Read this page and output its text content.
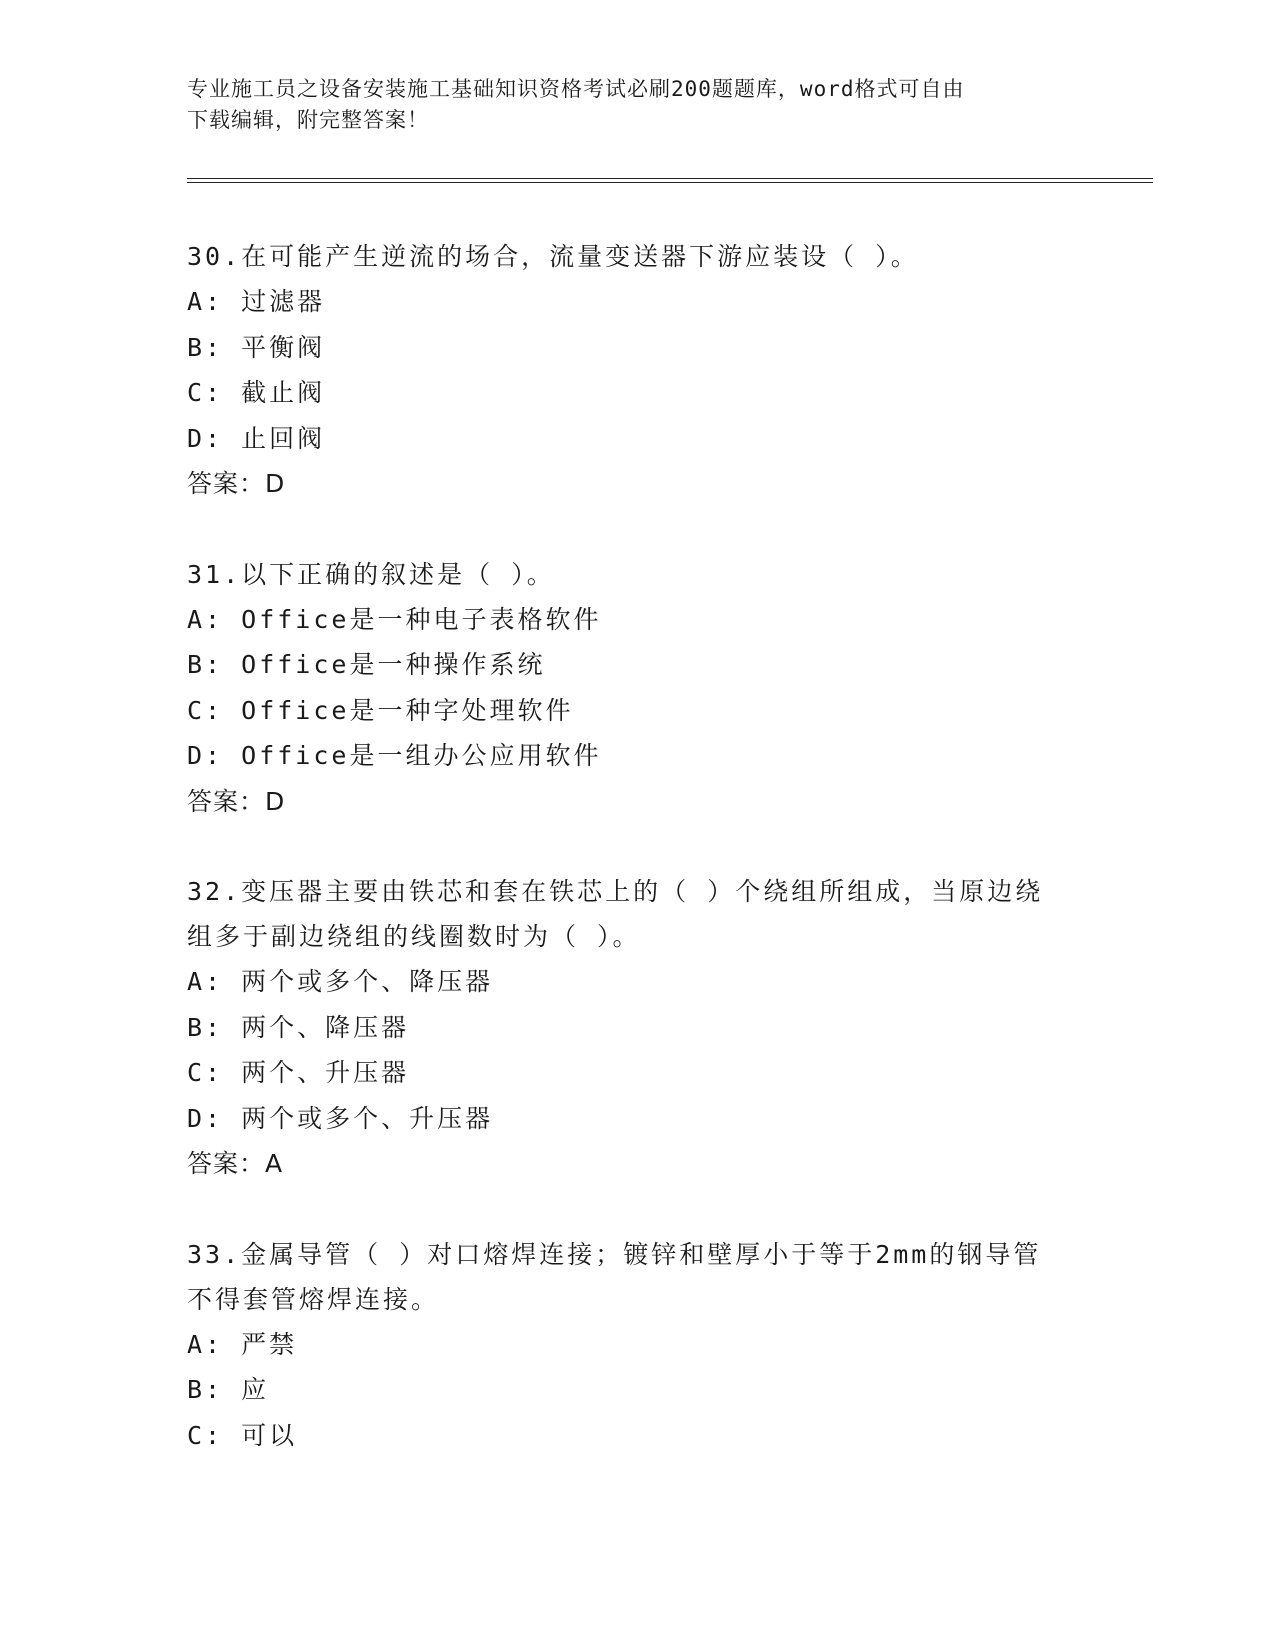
专业施工员之设备安装施工基础知识资格考试必刷200题题库，word格式可自由
下载编辑，附完整答案！
30.在可能产生逆流的场合，流量变送器下游应装设（ ）。
A: 过滤器
B: 平衡阀
C: 截止阀
D: 止回阀
答案：D
31.以下正确的叙述是（ ）。
A: Office是一种电子表格软件
B: Office是一种操作系统
C: Office是一种字处理软件
D: Office是一组办公应用软件
答案：D
32.变压器主要由铁芯和套在铁芯上的（ ）个绕组所组成，当原边绕
组多于副边绕组的线圈数时为（ ）。
A: 两个或多个、降压器
B: 两个、降压器
C: 两个、升压器
D: 两个或多个、升压器
答案：A
33.金属导管（ ）对口熔焊连接；镀锌和壁厚小于等于2mm的钢导管
不得套管熔焊连接。
A: 严禁
B: 应
C: 可以
